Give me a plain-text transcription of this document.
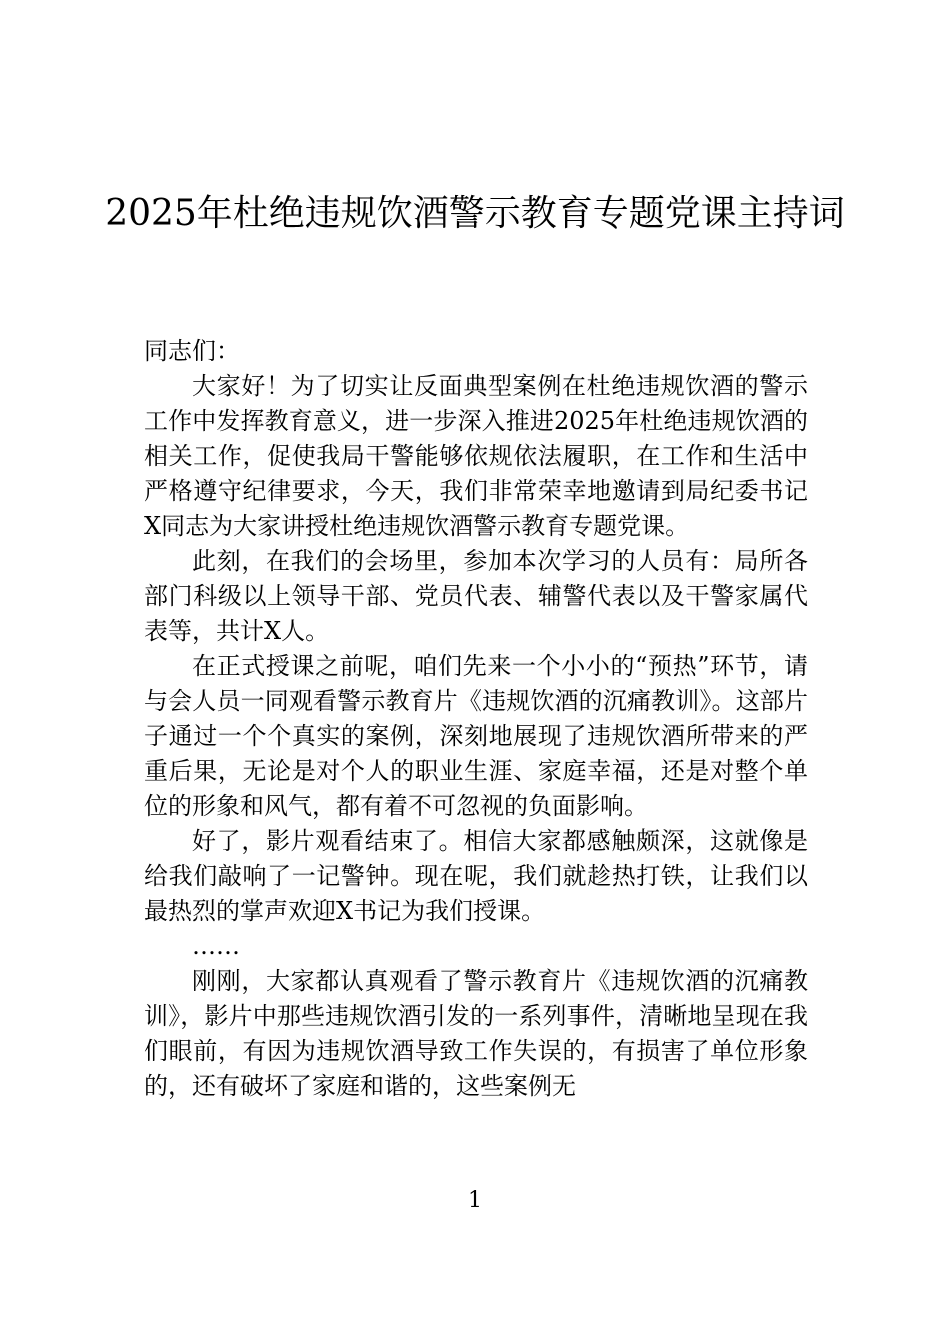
2025年杜绝违规饮酒警示教育专题党课主持词

同志们：

大家好！为了切实让反面典型案例在杜绝违规饮酒的警示工作中发挥教育意义，进一步深入推进2025年杜绝违规饮酒的相关工作，促使我局干警能够依规依法履职，在工作和生活中严格遵守纪律要求，今天，我们非常荣幸地邀请到局纪委书记X同志为大家讲授杜绝违规饮酒警示教育专题党课。

此刻，在我们的会场里，参加本次学习的人员有：局所各部门科级以上领导干部、党员代表、辅警代表以及干警家属代表等，共计X人。

在正式授课之前呢，咱们先来一个小小的“预热”环节，请与会人员一同观看警示教育片《违规饮酒的沉痛教训》。这部片子通过一个个真实的案例，深刻地展现了违规饮酒所带来的严重后果，无论是对个人的职业生涯、家庭幸福，还是对整个单位的形象和风气，都有着不可忽视的负面影响。

好了，影片观看结束了。相信大家都感触颇深，这就像是给我们敲响了一记警钟。现在呢，我们就趁热打铁，让我们以最热烈的掌声欢迎X书记为我们授课。

……

刚刚，大家都认真观看了警示教育片《违规饮酒的沉痛教训》，影片中那些违规饮酒引发的一系列事件，清晰地呈现在我们眼前，有因为违规饮酒导致工作失误的，有损害了单位形象的，还有破坏了家庭和谐的，这些案例无

1
